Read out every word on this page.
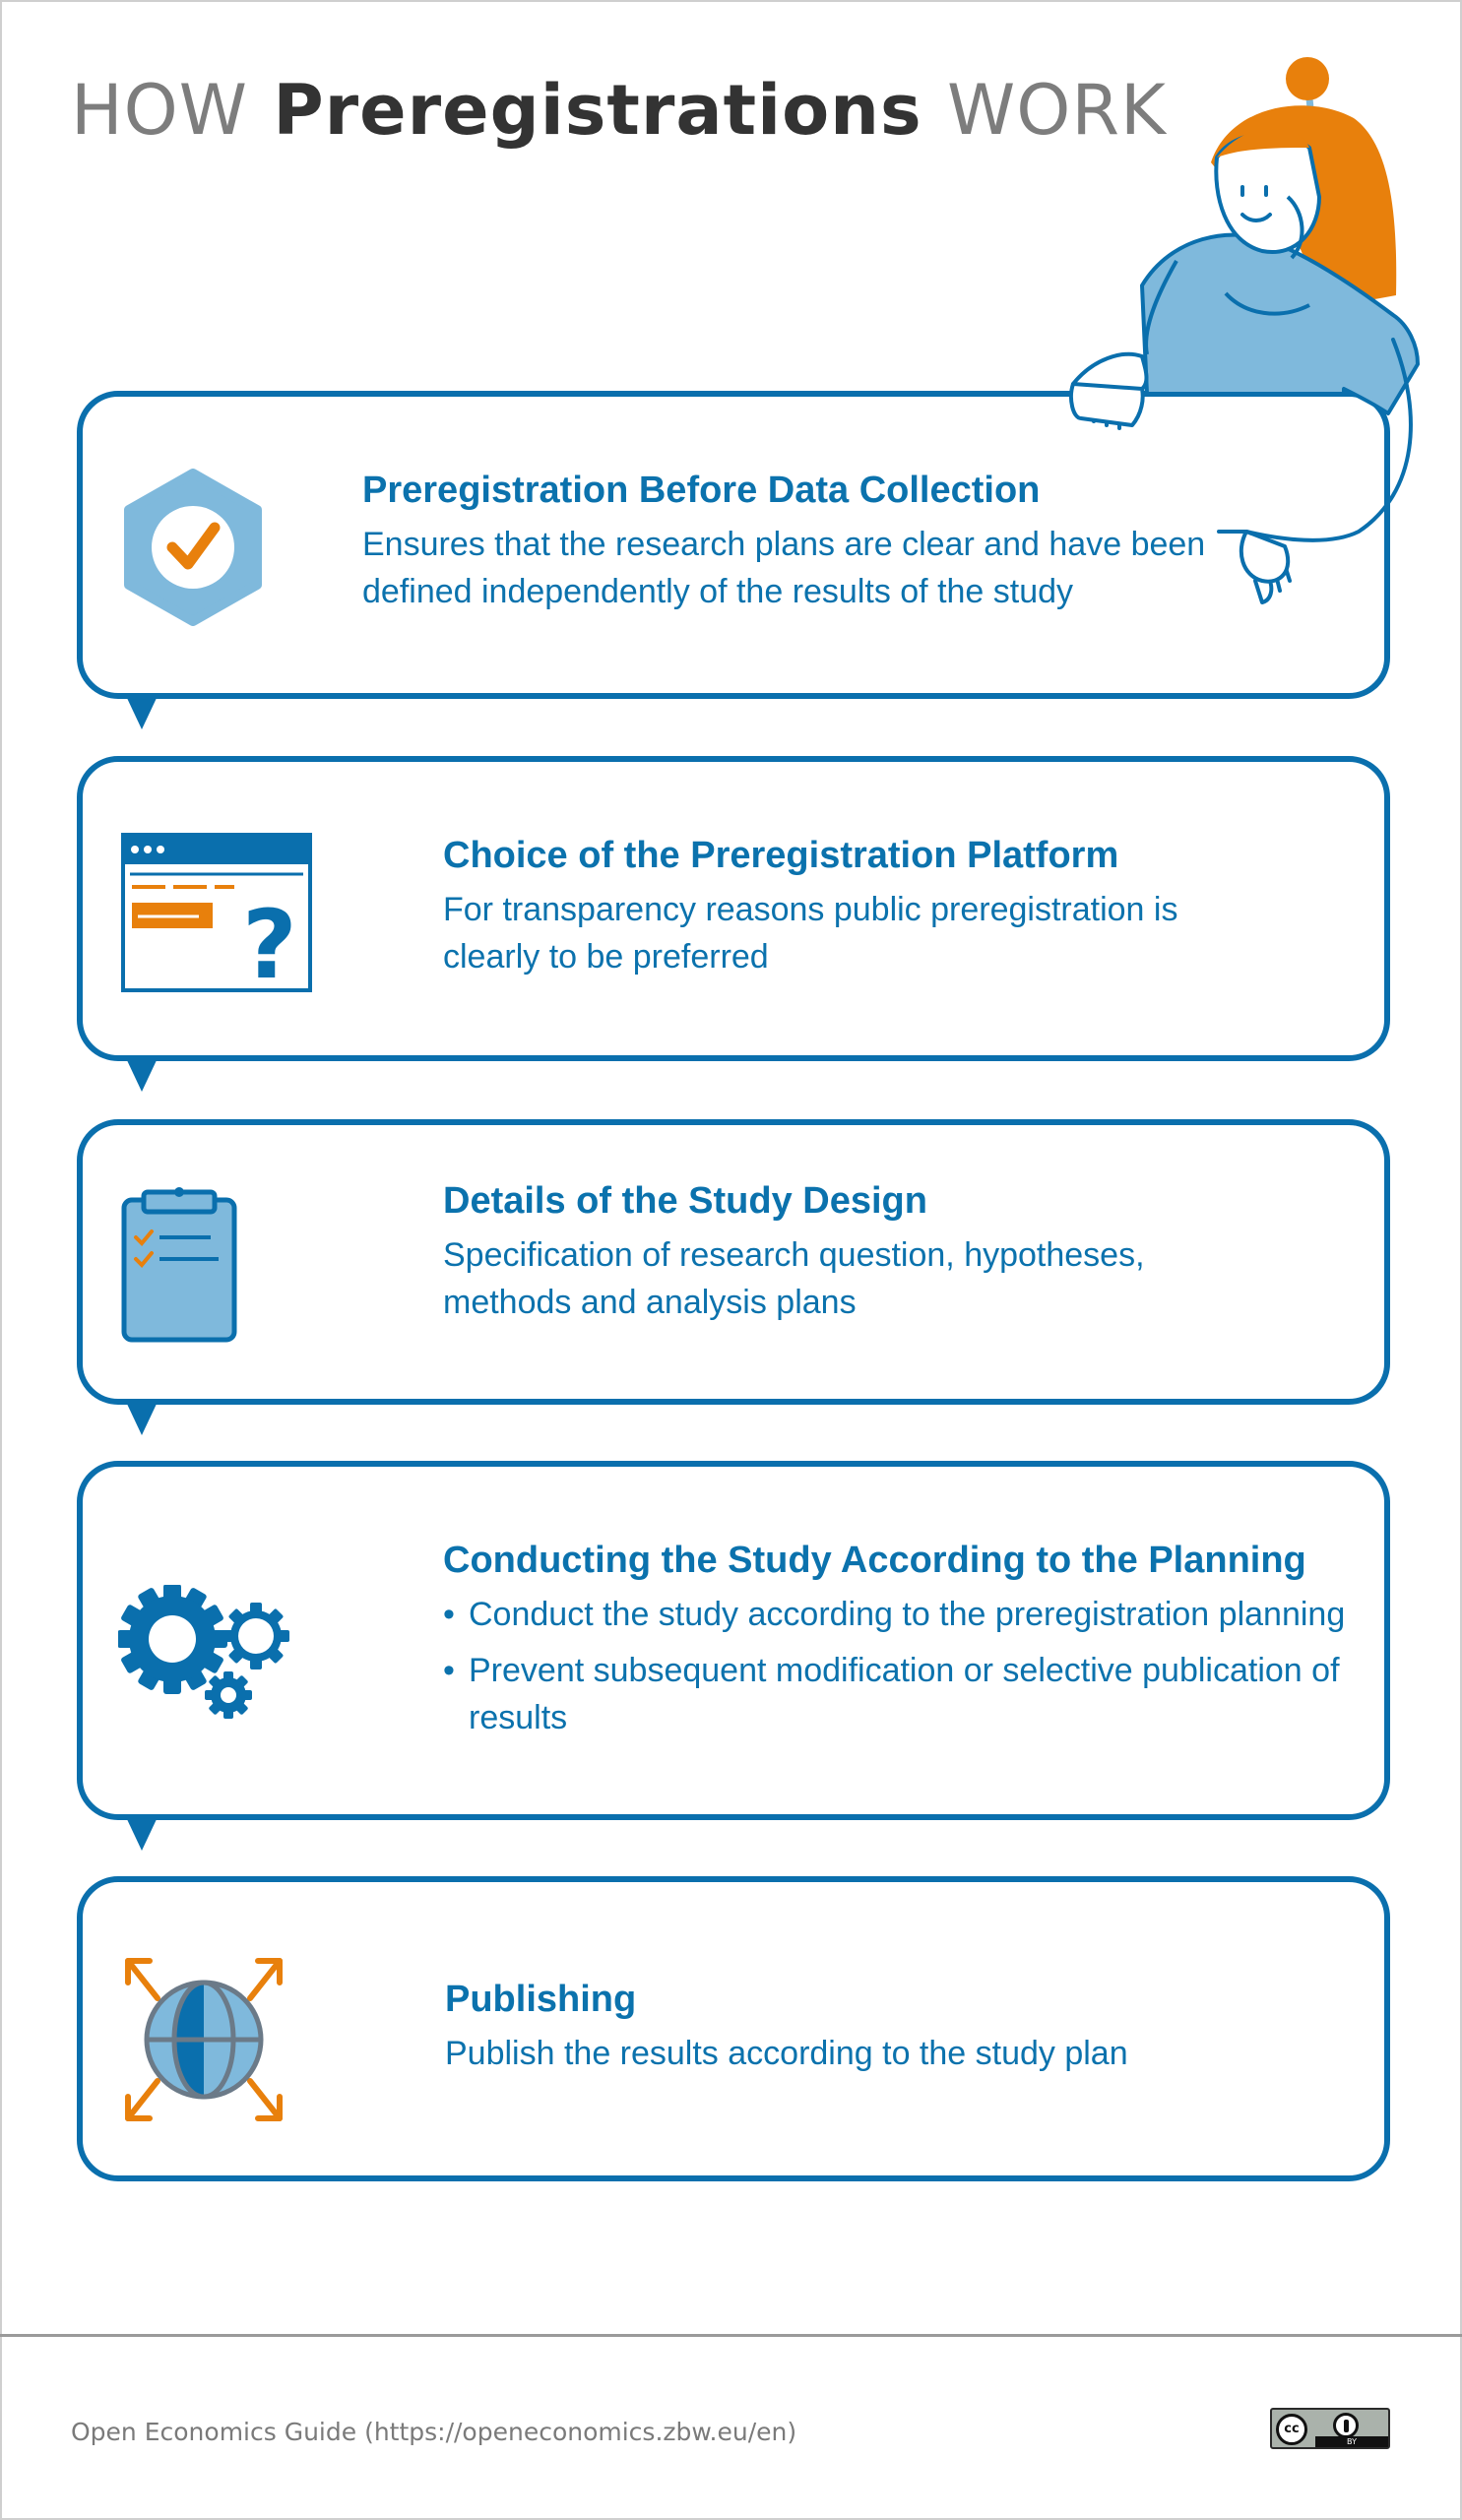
HOW Preregistrations WORK
Preregistration Before Data Collection
Ensures that the research plans are clear and have been defined independently of the results of the study
?
Choice of the Preregistration Platform
For transparency reasons public preregistration is clearly to be preferred
Details of the Study Design
Specification of research question, hypotheses, methods and analysis plans
Conducting the Study According to the Planning
• Conduct the study according to the preregistration planning
• Prevent subsequent modification or selective publication of results
Publishing
Publish the results according to the study plan
Open Economics Guide (https://openeconomics.zbw.eu/en)	cc
BY
